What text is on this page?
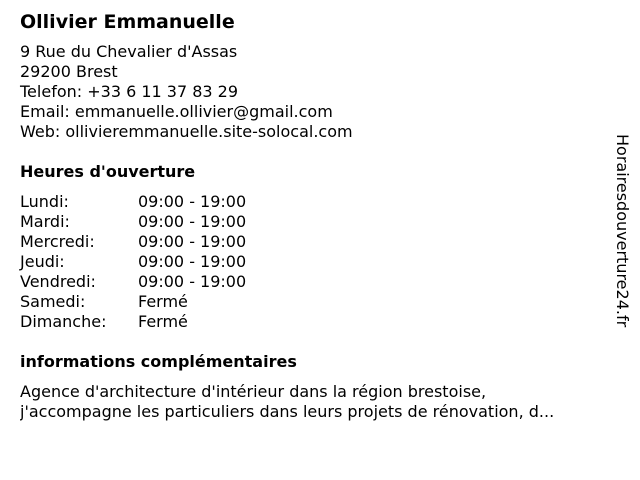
Ollivier Emmanuelle
9 Rue du Chevalier d'Assas
29200 Brest
Telefon: +33 6 11 37 83 29
Email: emmanuelle.ollivier@gmail.com
Web: ollivieremmanuelle.site-solocal.com
Heures d'ouverture
Lundi:	09:00 - 19:00
Mardi:	09:00 - 19:00
Mercredi:	09:00 - 19:00
Jeudi:	09:00 - 19:00
Vendredi:	09:00 - 19:00
Samedi:	Fermé
Dimanche:	Fermé
informations complémentaires
Agence d'architecture d'intérieur dans la région brestoise,
j'accompagne les particuliers dans leurs projets de rénovation, d...
Horairesdouverture24.fr
